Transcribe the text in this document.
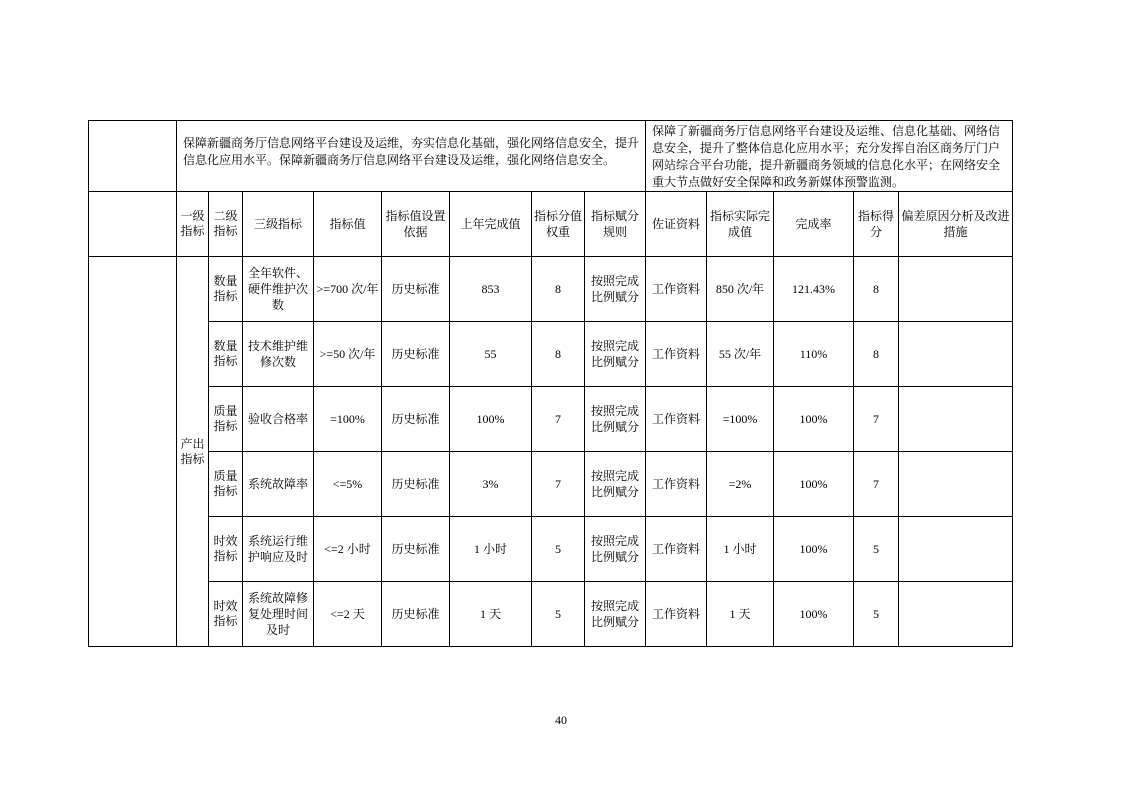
	保障新疆商务厅信息网络平台建设及运维，夯实信息化基础，强化网络信息安全，提升信息化应用水平。保障新疆商务厅信息网络平台建设及运维，强化网络信息安全。								保障了新疆商务厅信息网络平台建设及运维、信息化基础、网络信息安全，提升了整体信息化应用水平；充分发挥自治区商务厅门户网站综合平台功能，提升新疆商务领域的信息化水平；在网络安全重大节点做好安全保障和政务新媒体预警监测。				
	一级指标	二级指标	三级指标	指标值	指标值设置依据	上年完成值	指标分值权重	指标赋分规则	佐证资料	指标实际完成值	完成率	指标得分	偏差原因分析及改进措施
	产出指标	数量指标	全年软件、硬件维护次数	>=700 次/年	历史标准	853	8	按照完成比例赋分	工作资料	850 次/年	121.43%	8	
		数量指标	技术维护维修次数	>=50 次/年	历史标准	55	8	按照完成比例赋分	工作资料	55 次/年	110%	8	
		质量指标	验收合格率	=100%	历史标准	100%	7	按照完成比例赋分	工作资料	=100%	100%	7	
		质量指标	系统故障率	<=5%	历史标准	3%	7	按照完成比例赋分	工作资料	=2%	100%	7	
		时效指标	系统运行维护响应及时	<=2 小时	历史标准	1 小时	5	按照完成比例赋分	工作资料	1 小时	100%	5	
		时效指标	系统故障修复处理时间及时	<=2 天	历史标准	1 天	5	按照完成比例赋分	工作资料	1 天	100%	5	
40
